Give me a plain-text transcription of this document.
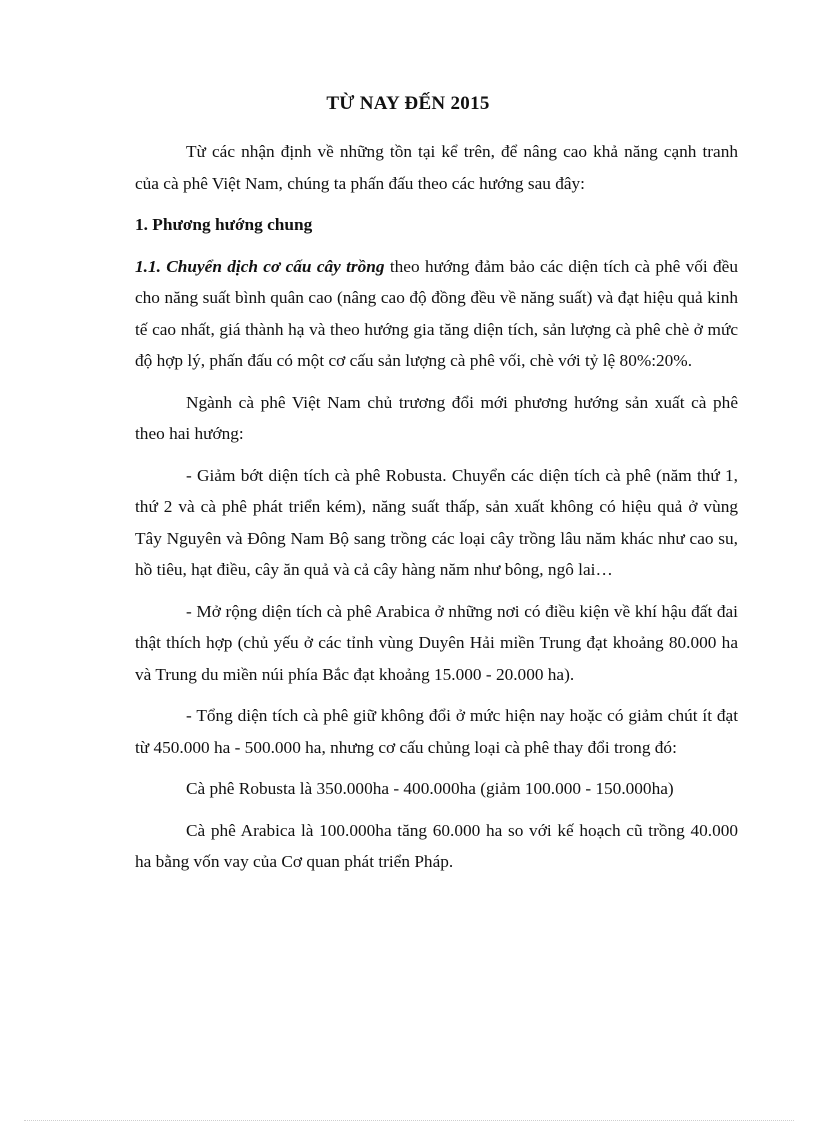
TỪ NAY ĐẾN 2015

Từ các nhận định về những tồn tại kể trên, để nâng cao khả năng cạnh tranh của cà phê Việt Nam, chúng ta phấn đấu theo các hướng sau đây:

1. Phương hướng chung

1.1. Chuyển dịch cơ cấu cây trồng theo hướng đảm bảo các diện tích cà phê vối đều cho năng suất bình quân cao (nâng cao độ đồng đều về năng suất) và đạt hiệu quả kinh tế cao nhất, giá thành hạ và theo hướng gia tăng diện tích, sản lượng cà phê chè ở mức độ hợp lý, phấn đấu có một cơ cấu sản lượng cà phê vối, chè với tỷ lệ 80%:20%.

Ngành cà phê Việt Nam chủ trương đổi mới phương hướng sản xuất cà phê theo hai hướng:

- Giảm bớt diện tích cà phê Robusta. Chuyển các diện tích cà phê (năm thứ 1, thứ 2 và cà phê phát triển kém), năng suất thấp, sản xuất không có hiệu quả ở vùng Tây Nguyên và Đông Nam Bộ sang trồng các loại cây trồng lâu năm khác như cao su, hồ tiêu, hạt điều, cây ăn quả và cả cây hàng năm như bông, ngô lai…

- Mở rộng diện tích cà phê Arabica ở những nơi có điều kiện về khí hậu đất đai thật thích hợp (chủ yếu ở các tỉnh vùng Duyên Hải miền Trung đạt khoảng 80.000 ha và Trung du miền núi phía Bắc đạt khoảng 15.000 - 20.000 ha).

- Tổng diện tích cà phê giữ không đổi ở mức hiện nay hoặc có giảm chút ít đạt từ 450.000 ha - 500.000 ha, nhưng cơ cấu chủng loại cà phê thay đổi trong đó:

Cà phê Robusta là 350.000ha - 400.000ha (giảm 100.000 - 150.000ha)

Cà phê Arabica là 100.000ha tăng 60.000 ha so với kế hoạch cũ trồng 40.000 ha bằng vốn vay của Cơ quan phát triển Pháp.
